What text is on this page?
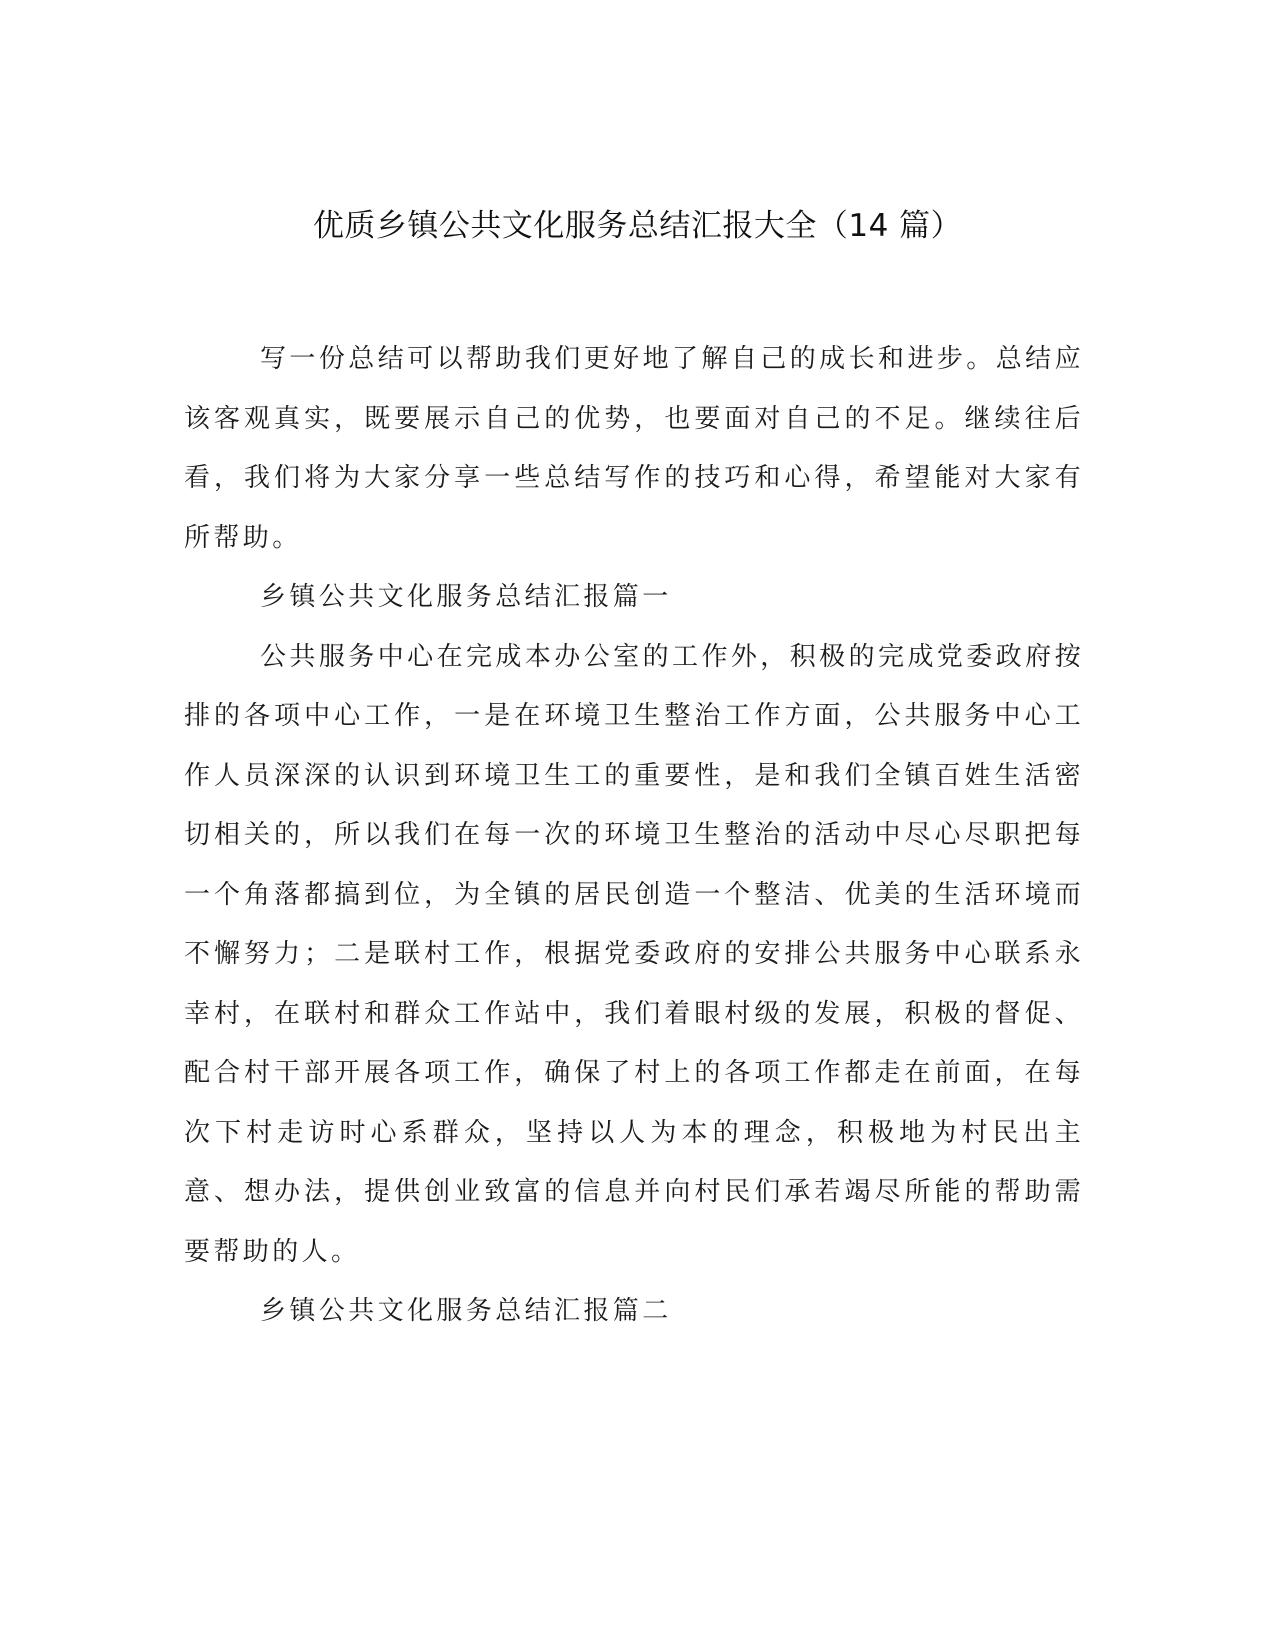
优质乡镇公共文化服务总结汇报大全（14 篇）

写一份总结可以帮助我们更好地了解自己的成长和进步。总结应该客观真实，既要展示自己的优势，也要面对自己的不足。继续往后看，我们将为大家分享一些总结写作的技巧和心得，希望能对大家有所帮助。

乡镇公共文化服务总结汇报篇一

公共服务中心在完成本办公室的工作外，积极的完成党委政府按排的各项中心工作，一是在环境卫生整治工作方面，公共服务中心工作人员深深的认识到环境卫生工的重要性，是和我们全镇百姓生活密切相关的，所以我们在每一次的环境卫生整治的活动中尽心尽职把每一个角落都搞到位，为全镇的居民创造一个整洁、优美的生活环境而不懈努力；二是联村工作，根据党委政府的安排公共服务中心联系永幸村，在联村和群众工作站中，我们着眼村级的发展，积极的督促、配合村干部开展各项工作，确保了村上的各项工作都走在前面，在每次下村走访时心系群众，坚持以人为本的理念，积极地为村民出主意、想办法，提供创业致富的信息并向村民们承若竭尽所能的帮助需要帮助的人。

乡镇公共文化服务总结汇报篇二
